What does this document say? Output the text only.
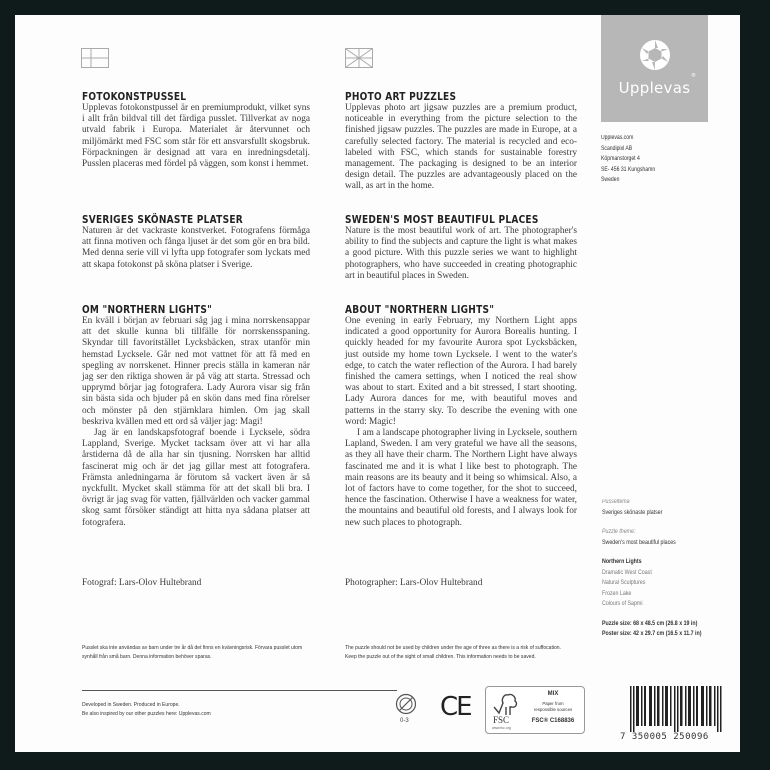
FOTOKONSTPUSSEL

Upplevas fotokonstpussel är en premiumprodukt, vilket syns i allt från bildval till det färdiga pusslet. Tillverkat av noga utvald fabrik i Europa. Materialet är återvunnet och miljömärkt med FSC som står för ett ansvarsfullt skogsbruk. Förpackningen är designad att vara en inredningsdetalj. Pusslen placeras med fördel på väggen, som konst i hemmet.

SVERIGES SKÖNASTE PLATSER

Naturen är det vackraste konstverket. Fotografens förmåga att finna motiven och fånga ljuset är det som gör en bra bild. Med denna serie vill vi lyfta upp fotografer som lyckats med att skapa fotokonst på sköna platser i Sverige.

OM "NORTHERN LIGHTS"

En kväll i början av februari såg jag i mina norrskensappar att det skulle kunna bli tillfälle för norrskensspaning. Skyndar till favoritstället Lycksbäcken, strax utanför min hemstad Lycksele. Går ned mot vattnet för att få med en spegling av norrskenet. Hinner precis ställa in kameran när jag ser den riktiga showen är på väg att starta. Stressad och upprymd börjar jag fotografera. Lady Aurora visar sig från sin bästa sida och bjuder på en skön dans med fina rörelser och mönster på den stjärnklara himlen. Om jag skall beskriva kvällen med ett ord så väljer jag: Magi!

Jag är en landskapsfotograf boende i Lycksele, södra Lappland, Sverige. Mycket tacksam över att vi har alla årstiderna då de alla har sin tjusning. Norrsken har alltid fascinerat mig och är det jag gillar mest att fotografera. Främsta anledningarna är förutom så vackert även är så nyckfullt. Mycket skall stämma för att det skall bli bra. I övrigt är jag svag för vatten, fjällvärlden och vacker gammal skog samt försöker ständigt att hitta nya sådana platser att fotografera.

Fotograf: Lars-Olov Hultebrand
Pusslet ska inte användas av barn under tre år då det finns en kvävningsrisk. Förvara pusslet utom synhåll från små barn. Denna information behöver sparas.
Developed in Sweden. Produced in Europe.
Be also inspired by our other puzzles here: Upplevas.com
PHOTO ART PUZZLES

Upplevas photo art jigsaw puzzles are a premium product, noticeable in everything from the picture selection to the finished jigsaw puzzles. The puzzles are made in Europe, at a carefully selected factory. The material is recycled and eco-labeled with FSC, which stands for sustainable forestry management. The packaging is designed to be an interior design detail. The puzzles are advantageously placed on the wall, as art in the home.

SWEDEN'S MOST BEAUTIFUL PLACES

Nature is the most beautiful work of art. The photographer's ability to find the subjects and capture the light is what makes a good picture. With this puzzle series we want to highlight photographers, who have succeeded in creating photographic art in beautiful places in Sweden.

ABOUT "NORTHERN LIGHTS"

One evening in early February, my Northern Light apps indicated a good opportunity for Aurora Borealis hunting. I quickly headed for my favourite Aurora spot Lycksbäcken, just outside my home town Lycksele. I went to the water's edge, to catch the water reflection of the Aurora. I had barely finished the camera settings, when I noticed the real show was about to start. Exited and a bit stressed, I start shooting. Lady Aurora dances for me, with beautiful moves and patterns in the starry sky. To describe the evening with one word: Magic!

I am a landscape photographer living in Lycksele, southern Lapland, Sweden. I am very grateful we have all the seasons, as they all have their charm. The Northern Light have always fascinated me and it is what I like best to photograph. The main reasons are its beauty and it being so whimsical. Also, a lot of factors have to come together, for the shot to succeed, hence the fascination. Otherwise I have a weakness for water, the mountains and beautiful old forests, and I always look for new such places to photograph.

Photographer: Lars-Olov Hultebrand
The puzzle should not be used by children under the age of three as there is a risk of suffocation. Keep the puzzle out of the sight of small children. This information needs to be saved.
0-3 CE FSC
www.fsc.org
MIX
Paper from
responsible sources
FSC® C168836
Upplevas
®
Upplevas.com
Scandipixl AB
Köpmanstorget 4
SE- 456 31 Kungshamn
Sweden
Pusseltema
Sveriges skönaste platser
Puzzle theme:
Sweden's most beautiful places
Northern Lights
Dramatic West Coast
Natural Sculptures
Frozen Lake
Colours of Sapmi
Puzzle size: 68 x 48.5 cm (26.8 x 19 in)
Poster size: 42 x 29.7 cm (16.5 x 11.7 in)
7 350005 250096
